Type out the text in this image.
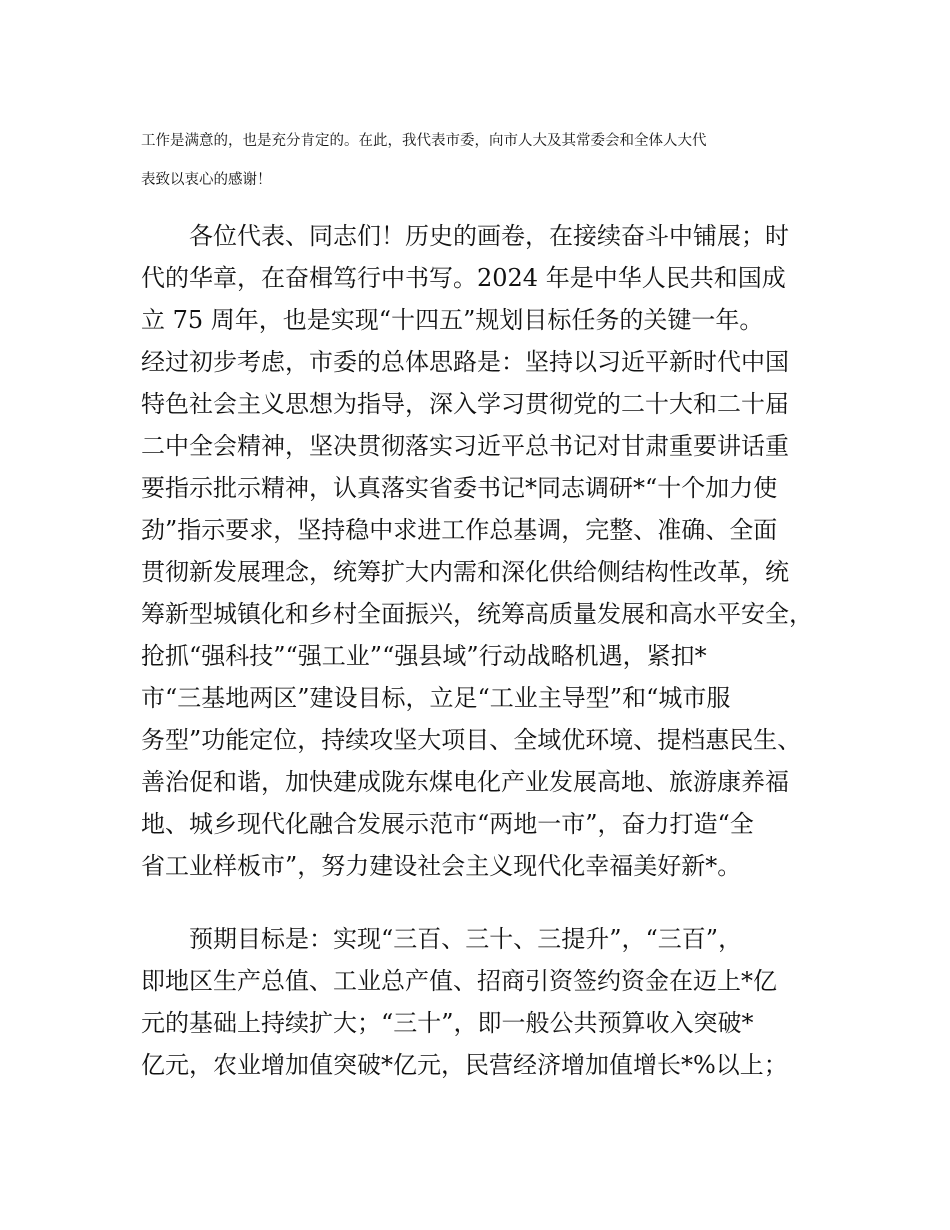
工作是满意的，也是充分肯定的。在此，我代表市委，向市人大及其常委会和全体人大代
表致以衷心的感谢！
各位代表、同志们！历史的画卷，在接续奋斗中铺展；时
代的华章，在奋楫笃行中书写。2024 年是中华人民共和国成
立 75 周年，也是实现“十四五”规划目标任务的关键一年。
经过初步考虑，市委的总体思路是：坚持以习近平新时代中国
特色社会主义思想为指导，深入学习贯彻党的二十大和二十届
二中全会精神，坚决贯彻落实习近平总书记对甘肃重要讲话重
要指示批示精神，认真落实省委书记*同志调研*“十个加力使
劲”指示要求，坚持稳中求进工作总基调，完整、准确、全面
贯彻新发展理念，统筹扩大内需和深化供给侧结构性改革，统
筹新型城镇化和乡村全面振兴，统筹高质量发展和高水平安全，
抢抓“强科技”“强工业”“强县域”行动战略机遇，紧扣*
市“三基地两区”建设目标，立足“工业主导型”和“城市服
务型”功能定位，持续攻坚大项目、全域优环境、提档惠民生、
善治促和谐，加快建成陇东煤电化产业发展高地、旅游康养福
地、城乡现代化融合发展示范市“两地一市”，奋力打造“全
省工业样板市”，努力建设社会主义现代化幸福美好新*。
预期目标是：实现“三百、三十、三提升”，“三百”，
即地区生产总值、工业总产值、招商引资签约资金在迈上*亿
元的基础上持续扩大；“三十”，即一般公共预算收入突破*
亿元，农业增加值突破*亿元，民营经济增加值增长*%以上；
